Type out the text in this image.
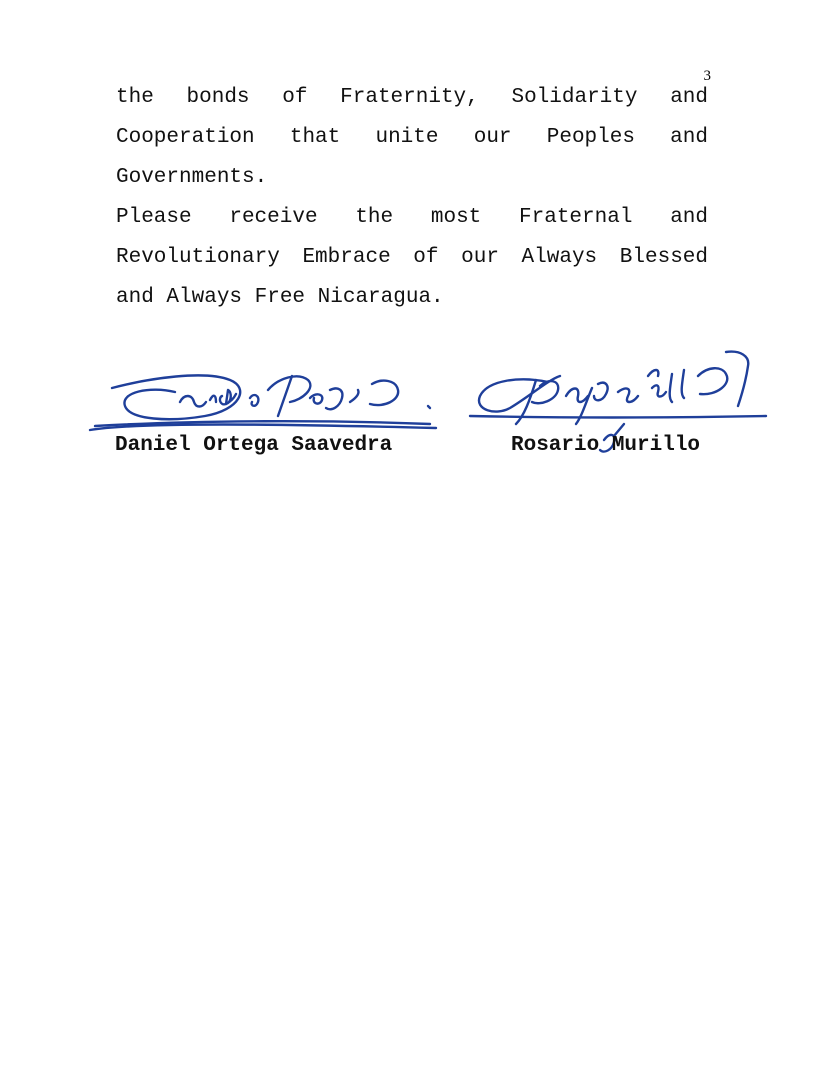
3

the bonds of Fraternity, Solidarity and Cooperation that unite our Peoples and Governments.

Please receive the most Fraternal and Revolutionary Embrace of our Always Blessed and Always Free Nicaragua.

Daniel Ortega Saavedra	Rosario Murillo
